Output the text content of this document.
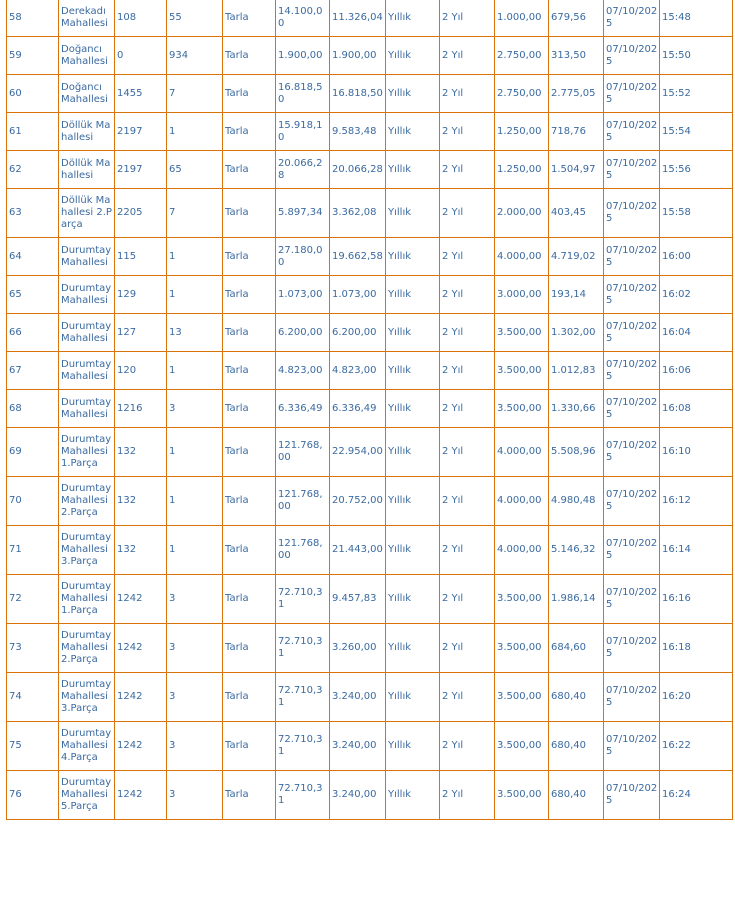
58	Derekadı Mahallesi	108	55	Tarla	14.100,00	11.326,04	Yıllık	2 Yıl	1.000,00	679,56	07/10/2025	15:48
59	Doğancı Mahallesi	0	934	Tarla	1.900,00	1.900,00	Yıllık	2 Yıl	2.750,00	313,50	07/10/2025	15:50
60	Doğancı Mahallesi	1455	7	Tarla	16.818,50	16.818,50	Yıllık	2 Yıl	2.750,00	2.775,05	07/10/2025	15:52
61	Döllük Mahallesi	2197	1	Tarla	15.918,10	9.583,48	Yıllık	2 Yıl	1.250,00	718,76	07/10/2025	15:54
62	Döllük Mahallesi	2197	65	Tarla	20.066,28	20.066,28	Yıllık	2 Yıl	1.250,00	1.504,97	07/10/2025	15:56
63	Döllük Mahallesi 2.Parça	2205	7	Tarla	5.897,34	3.362,08	Yıllık	2 Yıl	2.000,00	403,45	07/10/2025	15:58
64	Durumtay Mahallesi	115	1	Tarla	27.180,00	19.662,58	Yıllık	2 Yıl	4.000,00	4.719,02	07/10/2025	16:00
65	Durumtay Mahallesi	129	1	Tarla	1.073,00	1.073,00	Yıllık	2 Yıl	3.000,00	193,14	07/10/2025	16:02
66	Durumtay Mahallesi	127	13	Tarla	6.200,00	6.200,00	Yıllık	2 Yıl	3.500,00	1.302,00	07/10/2025	16:04
67	Durumtay Mahallesi	120	1	Tarla	4.823,00	4.823,00	Yıllık	2 Yıl	3.500,00	1.012,83	07/10/2025	16:06
68	Durumtay Mahallesi	1216	3	Tarla	6.336,49	6.336,49	Yıllık	2 Yıl	3.500,00	1.330,66	07/10/2025	16:08
69	Durumtay Mahallesi 1.Parça	132	1	Tarla	121.768,00	22.954,00	Yıllık	2 Yıl	4.000,00	5.508,96	07/10/2025	16:10
70	Durumtay Mahallesi 2.Parça	132	1	Tarla	121.768,00	20.752,00	Yıllık	2 Yıl	4.000,00	4.980,48	07/10/2025	16:12
71	Durumtay Mahallesi 3.Parça	132	1	Tarla	121.768,00	21.443,00	Yıllık	2 Yıl	4.000,00	5.146,32	07/10/2025	16:14
72	Durumtay Mahallesi 1.Parça	1242	3	Tarla	72.710,31	9.457,83	Yıllık	2 Yıl	3.500,00	1.986,14	07/10/2025	16:16
73	Durumtay Mahallesi 2.Parça	1242	3	Tarla	72.710,31	3.260,00	Yıllık	2 Yıl	3.500,00	684,60	07/10/2025	16:18
74	Durumtay Mahallesi 3.Parça	1242	3	Tarla	72.710,31	3.240,00	Yıllık	2 Yıl	3.500,00	680,40	07/10/2025	16:20
75	Durumtay Mahallesi 4.Parça	1242	3	Tarla	72.710,31	3.240,00	Yıllık	2 Yıl	3.500,00	680,40	07/10/2025	16:22
76	Durumtay Mahallesi 5.Parça	1242	3	Tarla	72.710,31	3.240,00	Yıllık	2 Yıl	3.500,00	680,40	07/10/2025	16:24
